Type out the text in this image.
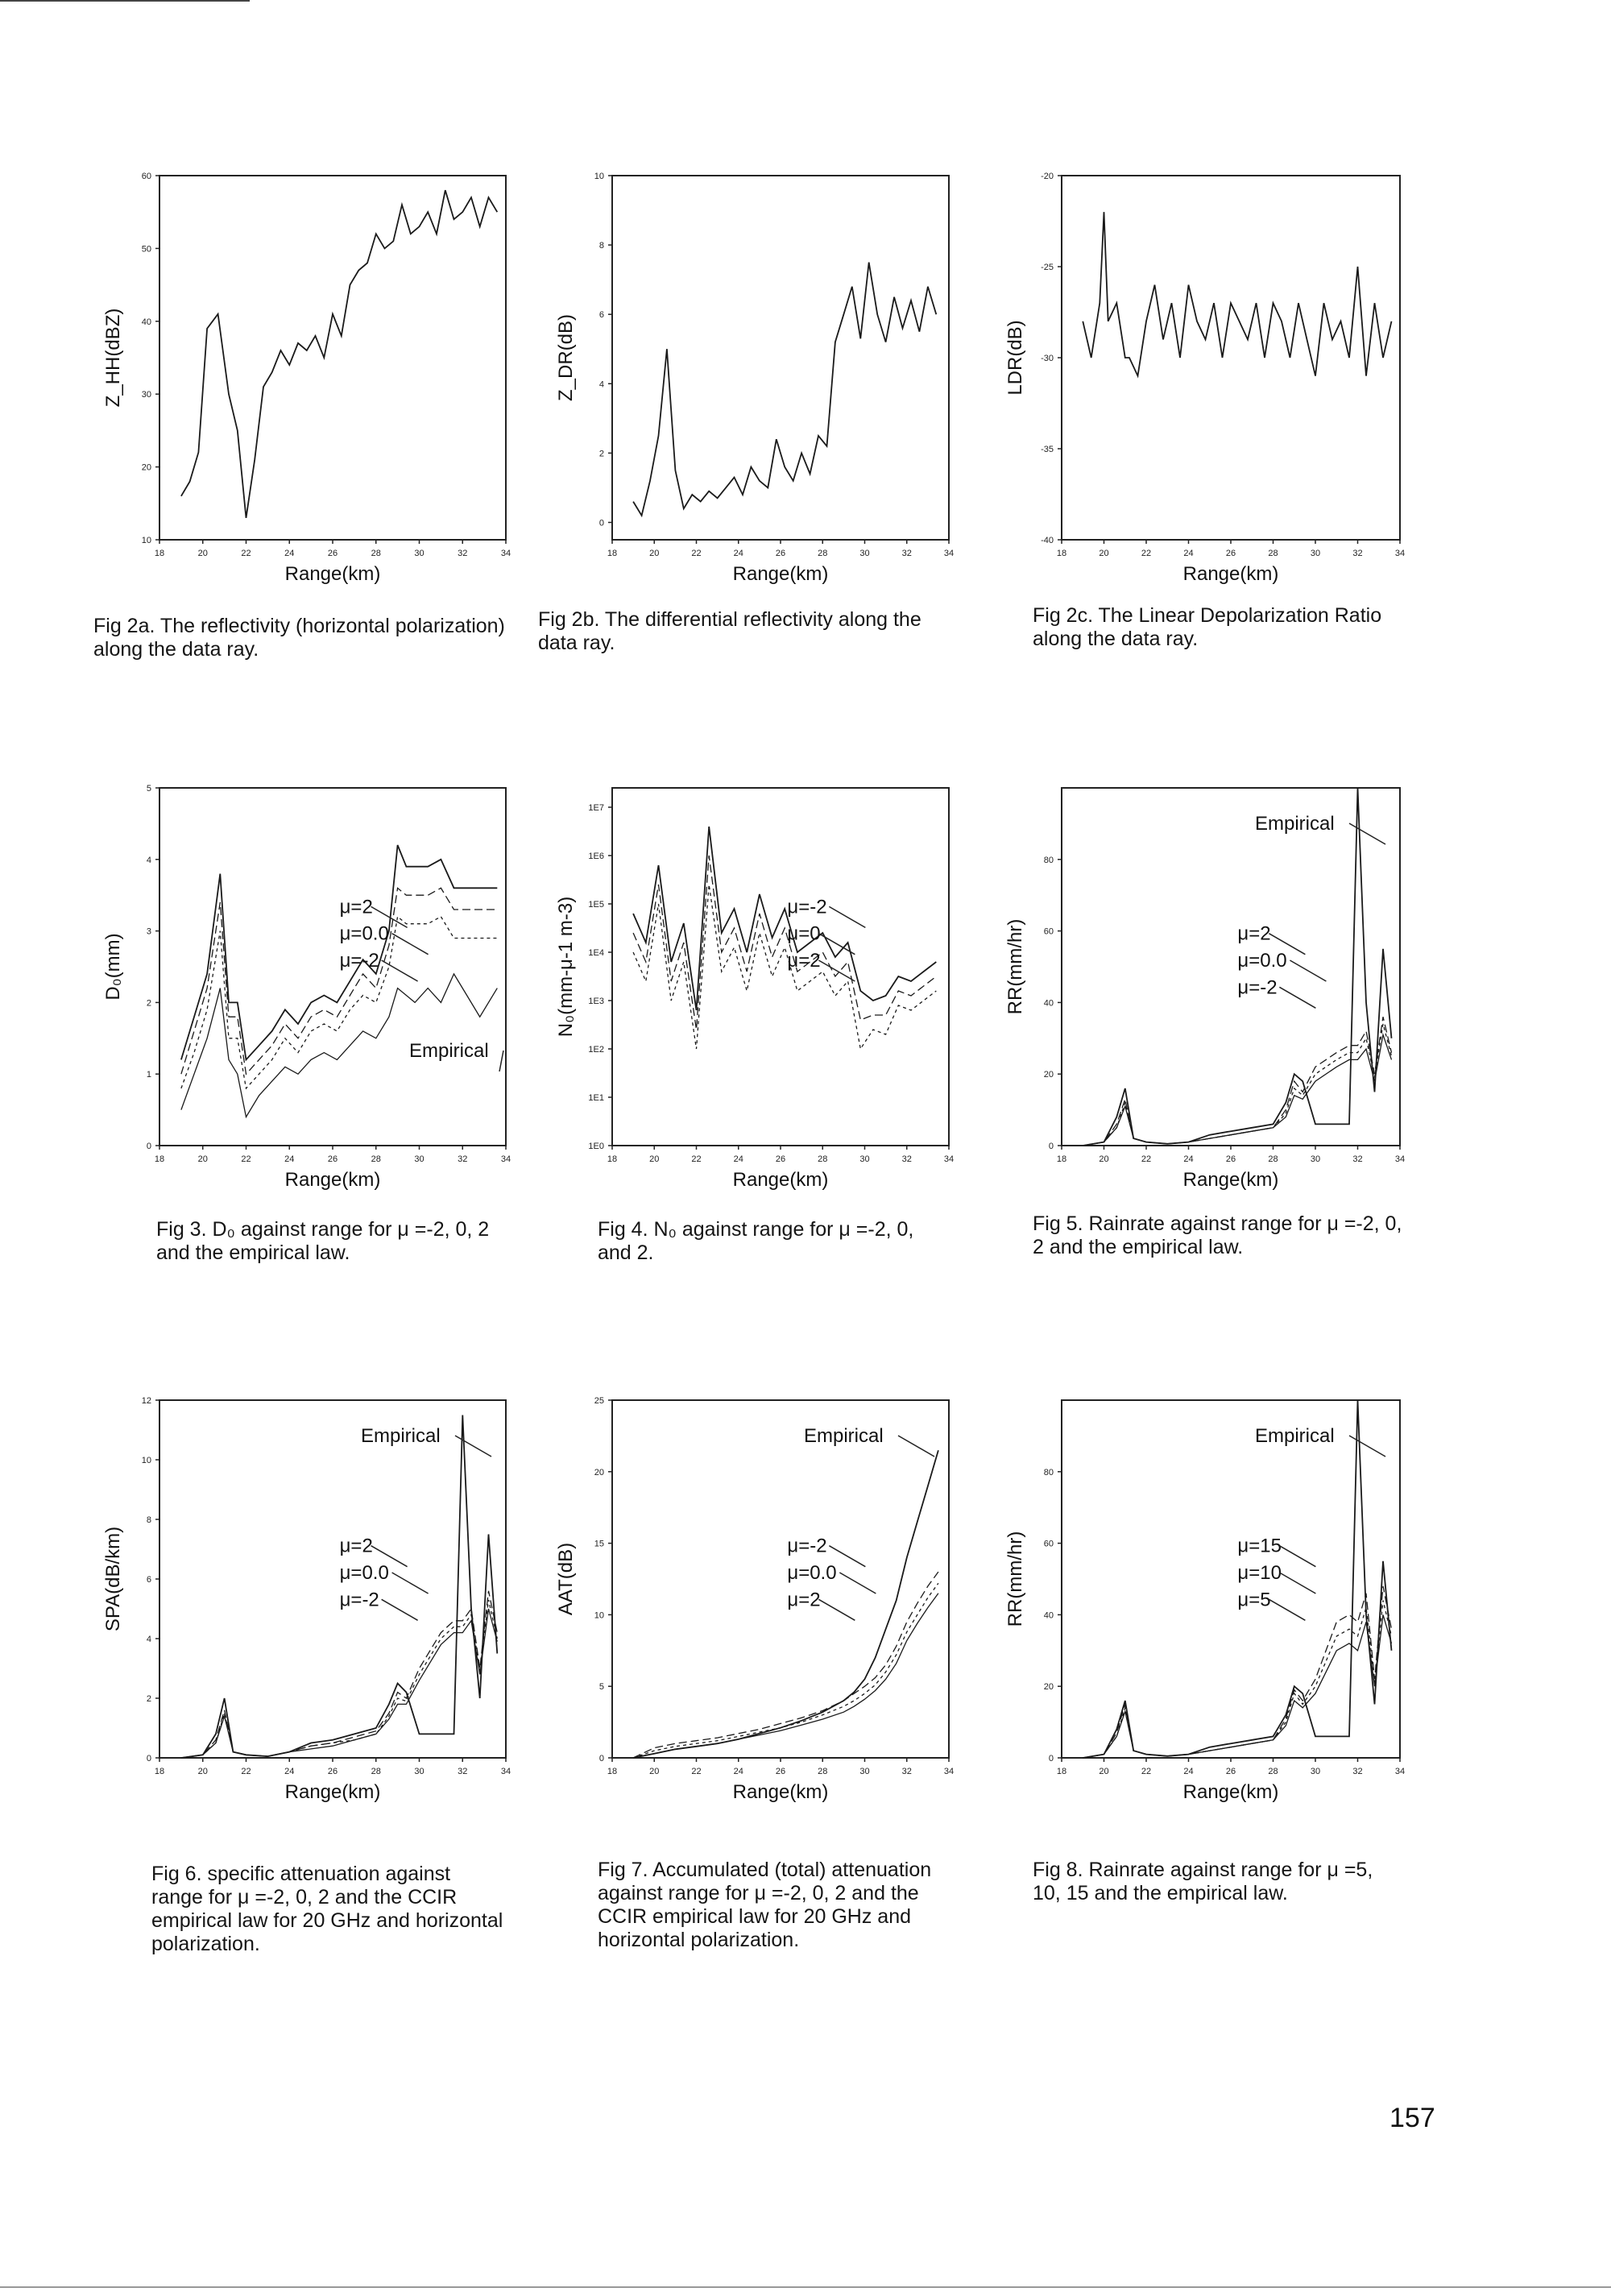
18	20	22	24	26	28	30	32	34
10
20
30
40
50
60
Range(km)
Z_HH(dBZ)
Fig 2a. The reflectivity (horizontal polarization) along the data ray.
18	20	22	24	26	28	30	32	34
0
2
4
6
8
10
Range(km)
Z_DR(dB)
Fig 2b. The differential reflectivity along the data ray.
18	20	22	24	26	28	30	32	34
-40
-35
-30
-25
-20
Range(km)
LDR(dB)
Fig 2c. The Linear Depolarization Ratio along the data ray.
18	20	22	24	26	28	30	32	34
0
1
2
3
4
5
Range(km)
D₀(mm)
μ=2
μ=0.0
μ=-2
Empirical
Fig 3. D₀ against range for μ =-2, 0, 2 and the empirical law.
18	20	22	24	26	28	30	32	34
1E0
1E1
1E2
1E3
1E4
1E5
1E6
1E7
Range(km)
N₀(mm-μ-1 m-3)	μ=-2
μ=0
μ=2
Fig 4. N₀ against range for μ =-2, 0, and 2.
18	20	22	24	26	28	30	32	34
0
20
40
60
80
Range(km)
RR(mm/hr)
Empirical
μ=2
μ=0.0
μ=-2
Fig 5. Rainrate against range for μ =-2, 0, 2 and the empirical law.
18	20	22	24	26	28	30	32	34
0
2
4
6
8
10
12
Range(km)
SPA(dB/km)
Empirical
μ=2
μ=0.0
μ=-2
Fig 6. specific attenuation against range for μ =-2, 0, 2 and the CCIR empirical law for 20 GHz and horizontal polarization.
18	20	22	24	26	28	30	32	34
0
5
10
15
20
25
Range(km)
AAT(dB)
Empirical
μ=-2
μ=0.0
μ=2
Fig 7. Accumulated (total) attenuation against range for μ =-2, 0, 2 and the CCIR empirical law for 20 GHz and horizontal polarization.
18	20	22	24	26	28	30	32	34
0
20
40
60
80
Range(km)
RR(mm/hr)
Empirical
μ=15
μ=10
μ=5
Fig 8. Rainrate against range for μ =5, 10, 15 and the empirical law.
157
